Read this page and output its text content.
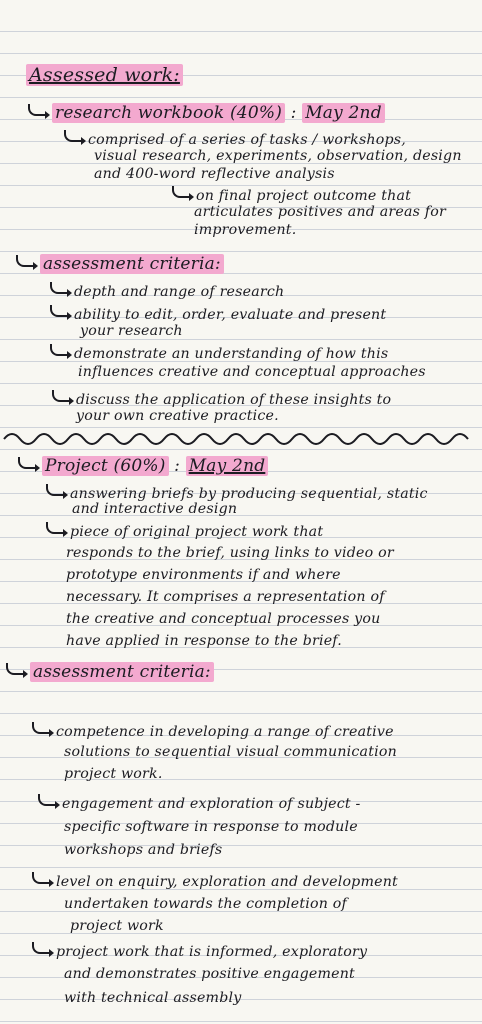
Assessed work:
research workbook (40%) : May 2nd
comprised of a series of tasks / workshops,
visual research, experiments, observation, design
and 400-word reflective analysis
on final project outcome that
articulates positives and areas for
improvement.
assessment criteria:
depth and range of research
ability to edit, order, evaluate and present
your research
demonstrate an understanding of how this
influences creative and conceptual approaches
discuss the application of these insights to
your own creative practice.
Project (60%) : May 2nd
answering briefs by producing sequential, static
and interactive design
piece of original project work that
responds to the brief, using links to video or
prototype environments if and where
necessary. It comprises a representation of
the creative and conceptual processes you
have applied in response to the brief.
assessment criteria:
competence in developing a range of creative
solutions to sequential visual communication
project work.
engagement and exploration of subject -
specific software in response to module
workshops and briefs
level on enquiry, exploration and development
undertaken towards the completion of
project work
project work that is informed, exploratory
and demonstrates positive engagement
with technical assembly
